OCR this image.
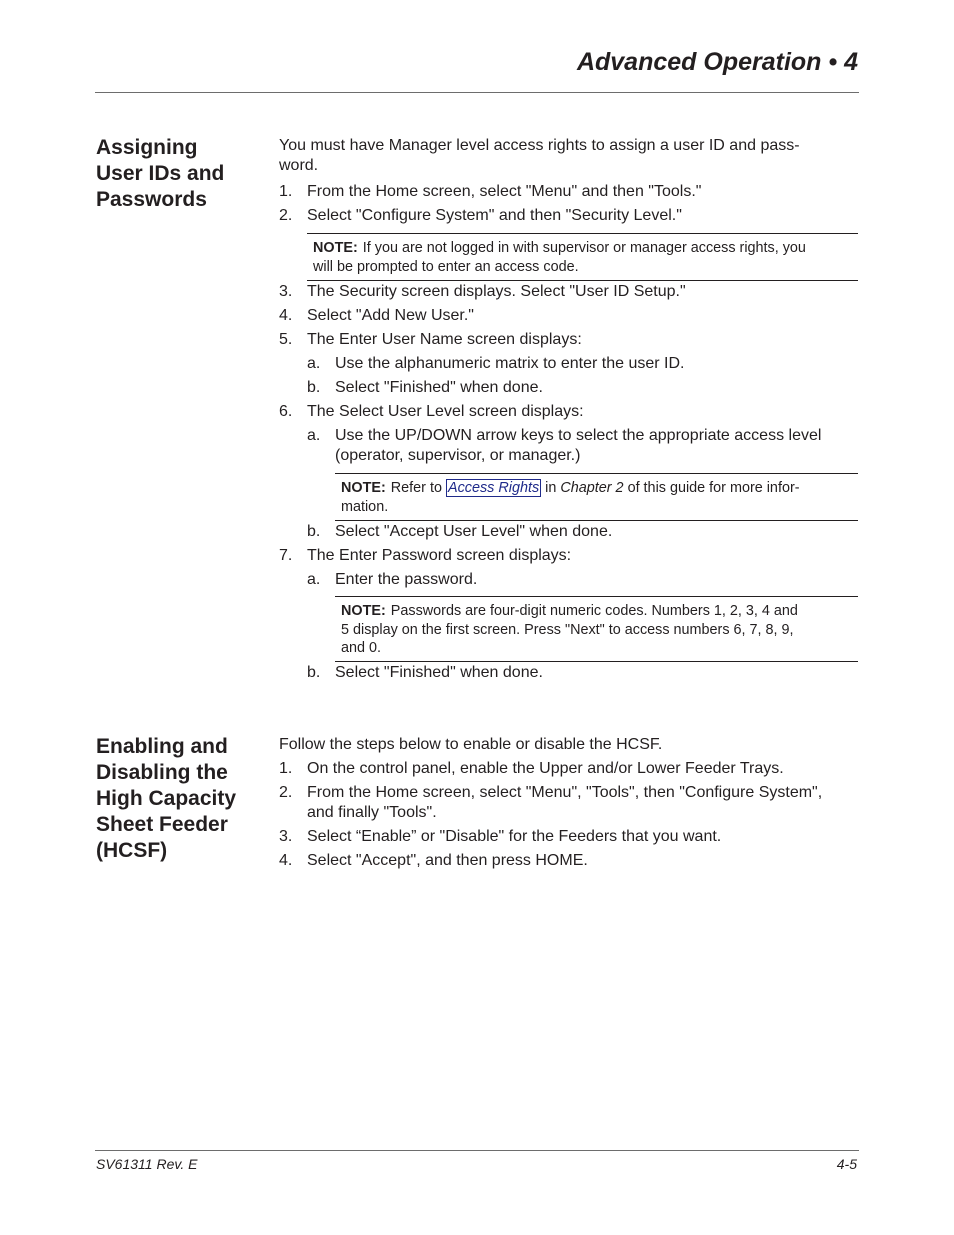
Advanced Operation • 4
Assigning
User IDs and
Passwords
You must have Manager level access rights to assign a user ID and pass-
word.
1. From the Home screen, select "Menu" and then "Tools."
2. Select "Configure System" and then "Security Level."
NOTE: If you are not logged in with supervisor or manager access rights, you
will be prompted to enter an access code.
3. The Security screen displays. Select "User ID Setup."
4. Select "Add New User."
5. The Enter User Name screen displays:
a. Use the alphanumeric matrix to enter the user ID.
b. Select "Finished" when done.
6. The Select User Level screen displays:
a. Use the UP/DOWN arrow keys to select the appropriate access level
(operator, supervisor, or manager.)
NOTE: Refer to Access Rights in Chapter 2 of this guide for more infor-
mation.
b. Select "Accept User Level" when done.
7. The Enter Password screen displays:
a. Enter the password.
NOTE: Passwords are four-digit numeric codes. Numbers 1, 2, 3, 4 and
5 display on the first screen. Press "Next" to access numbers 6, 7, 8, 9,
and 0.
b. Select "Finished" when done.
Enabling and
Disabling the
High Capacity
Sheet Feeder
(HCSF)
Follow the steps below to enable or disable the HCSF.
1. On the control panel, enable the Upper and/or Lower Feeder Trays.
2. From the Home screen, select "Menu", "Tools", then "Configure System",
and finally "Tools".
3. Select “Enable” or "Disable" for the Feeders that you want.
4. Select "Accept", and then press HOME.
SV61311 Rev. E	4-5
